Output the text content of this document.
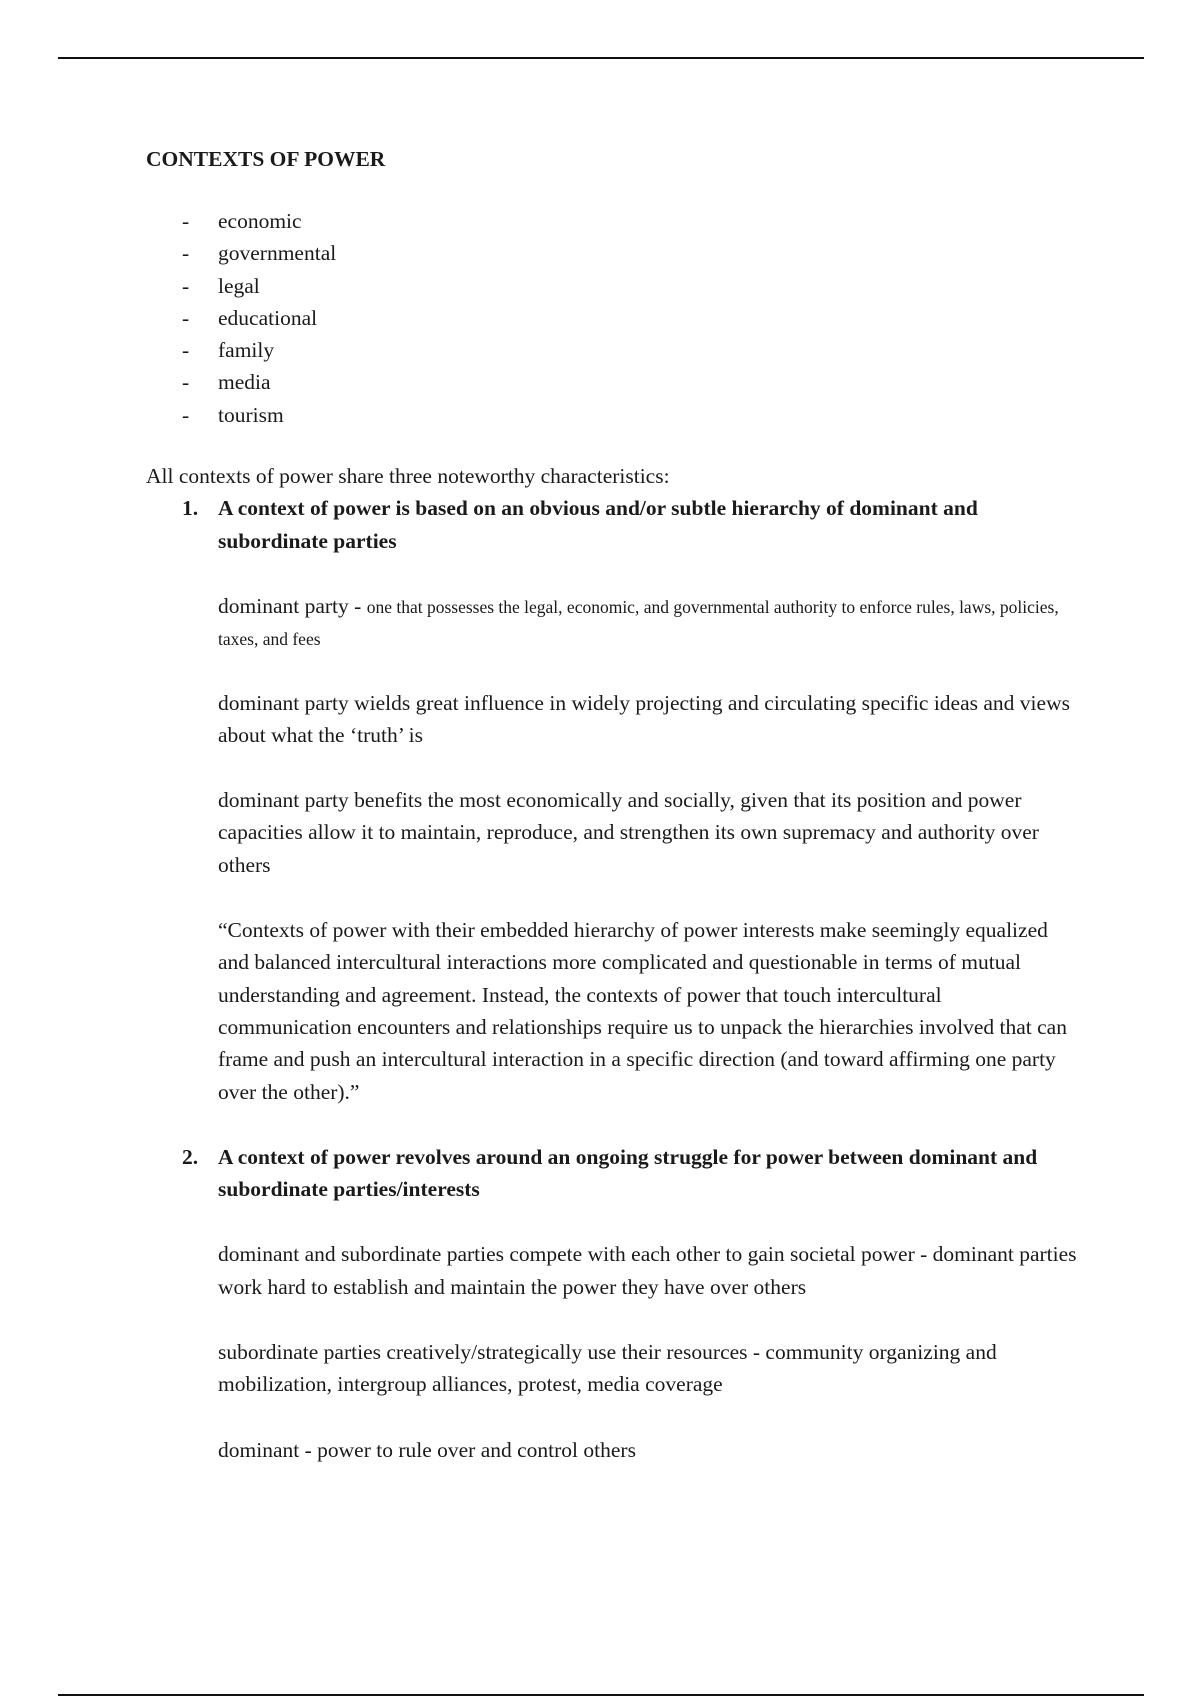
CONTEXTS OF POWER
- economic
- governmental
- legal
- educational
- family
- media
- tourism

All contexts of power share three noteworthy characteristics:

1. A context of power is based on an obvious and/or subtle hierarchy of dominant and subordinate parties

dominant party - one that possesses the legal, economic, and governmental authority to enforce rules, laws, policies, taxes, and fees

dominant party wields great influence in widely projecting and circulating specific ideas and views about what the ‘truth’ is

dominant party benefits the most economically and socially, given that its position and power capacities allow it to maintain, reproduce, and strengthen its own supremacy and authority over others

“Contexts of power with their embedded hierarchy of power interests make seemingly equalized and balanced intercultural interactions more complicated and questionable in terms of mutual understanding and agreement. Instead, the contexts of power that touch intercultural communication encounters and relationships require us to unpack the hierarchies involved that can frame and push an intercultural interaction in a specific direction (and toward affirming one party over the other).”

2. A context of power revolves around an ongoing struggle for power between dominant and subordinate parties/interests

dominant and subordinate parties compete with each other to gain societal power - dominant parties work hard to establish and maintain the power they have over others

subordinate parties creatively/strategically use their resources - community organizing and mobilization, intergroup alliances, protest, media coverage

dominant - power to rule over and control others
